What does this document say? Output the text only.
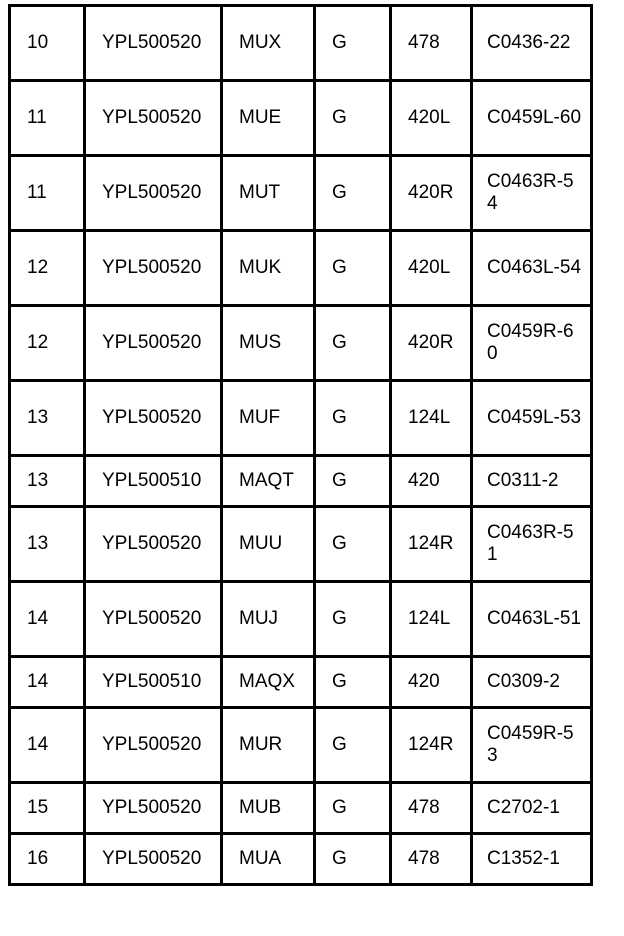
10	YPL500520	MUX	G	478	C0436-22
11	YPL500520	MUE	G	420L	C0459L-60
11	YPL500520	MUT	G	420R	C0463R-54
12	YPL500520	MUK	G	420L	C0463L-54
12	YPL500520	MUS	G	420R	C0459R-60
13	YPL500520	MUF	G	124L	C0459L-53
13	YPL500510	MAQT	G	420	C0311-2
13	YPL500520	MUU	G	124R	C0463R-51
14	YPL500520	MUJ	G	124L	C0463L-51
14	YPL500510	MAQX	G	420	C0309-2
14	YPL500520	MUR	G	124R	C0459R-53
15	YPL500520	MUB	G	478	C2702-1
16	YPL500520	MUA	G	478	C1352-1
